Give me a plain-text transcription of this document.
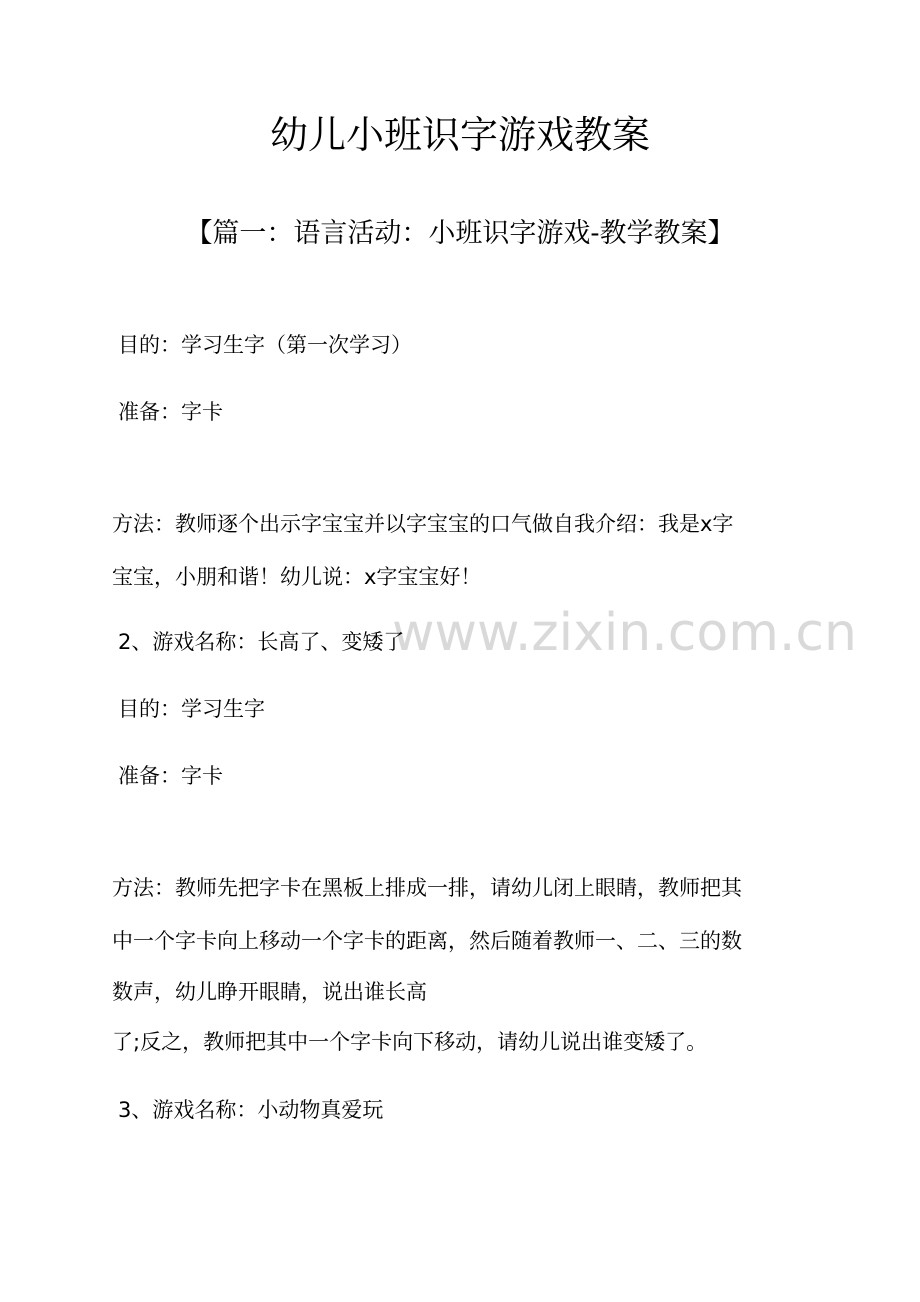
www.zixin.com.cn
幼儿小班识字游戏教案
【篇一：语言活动：小班识字游戏-教学教案】
目的：学习生字（第一次学习）
准备：字卡
方法：教师逐个出示字宝宝并以字宝宝的口气做自我介绍：我是x字
宝宝，小朋和谐！幼儿说：x字宝宝好！
2、游戏名称：长高了、变矮了
目的：学习生字
准备：字卡
方法：教师先把字卡在黑板上排成一排，请幼儿闭上眼睛，教师把其
中一个字卡向上移动一个字卡的距离，然后随着教师一、二、三的数
数声，幼儿睁开眼睛，说出谁长高
了;反之，教师把其中一个字卡向下移动，请幼儿说出谁变矮了。
3、游戏名称：小动物真爱玩
